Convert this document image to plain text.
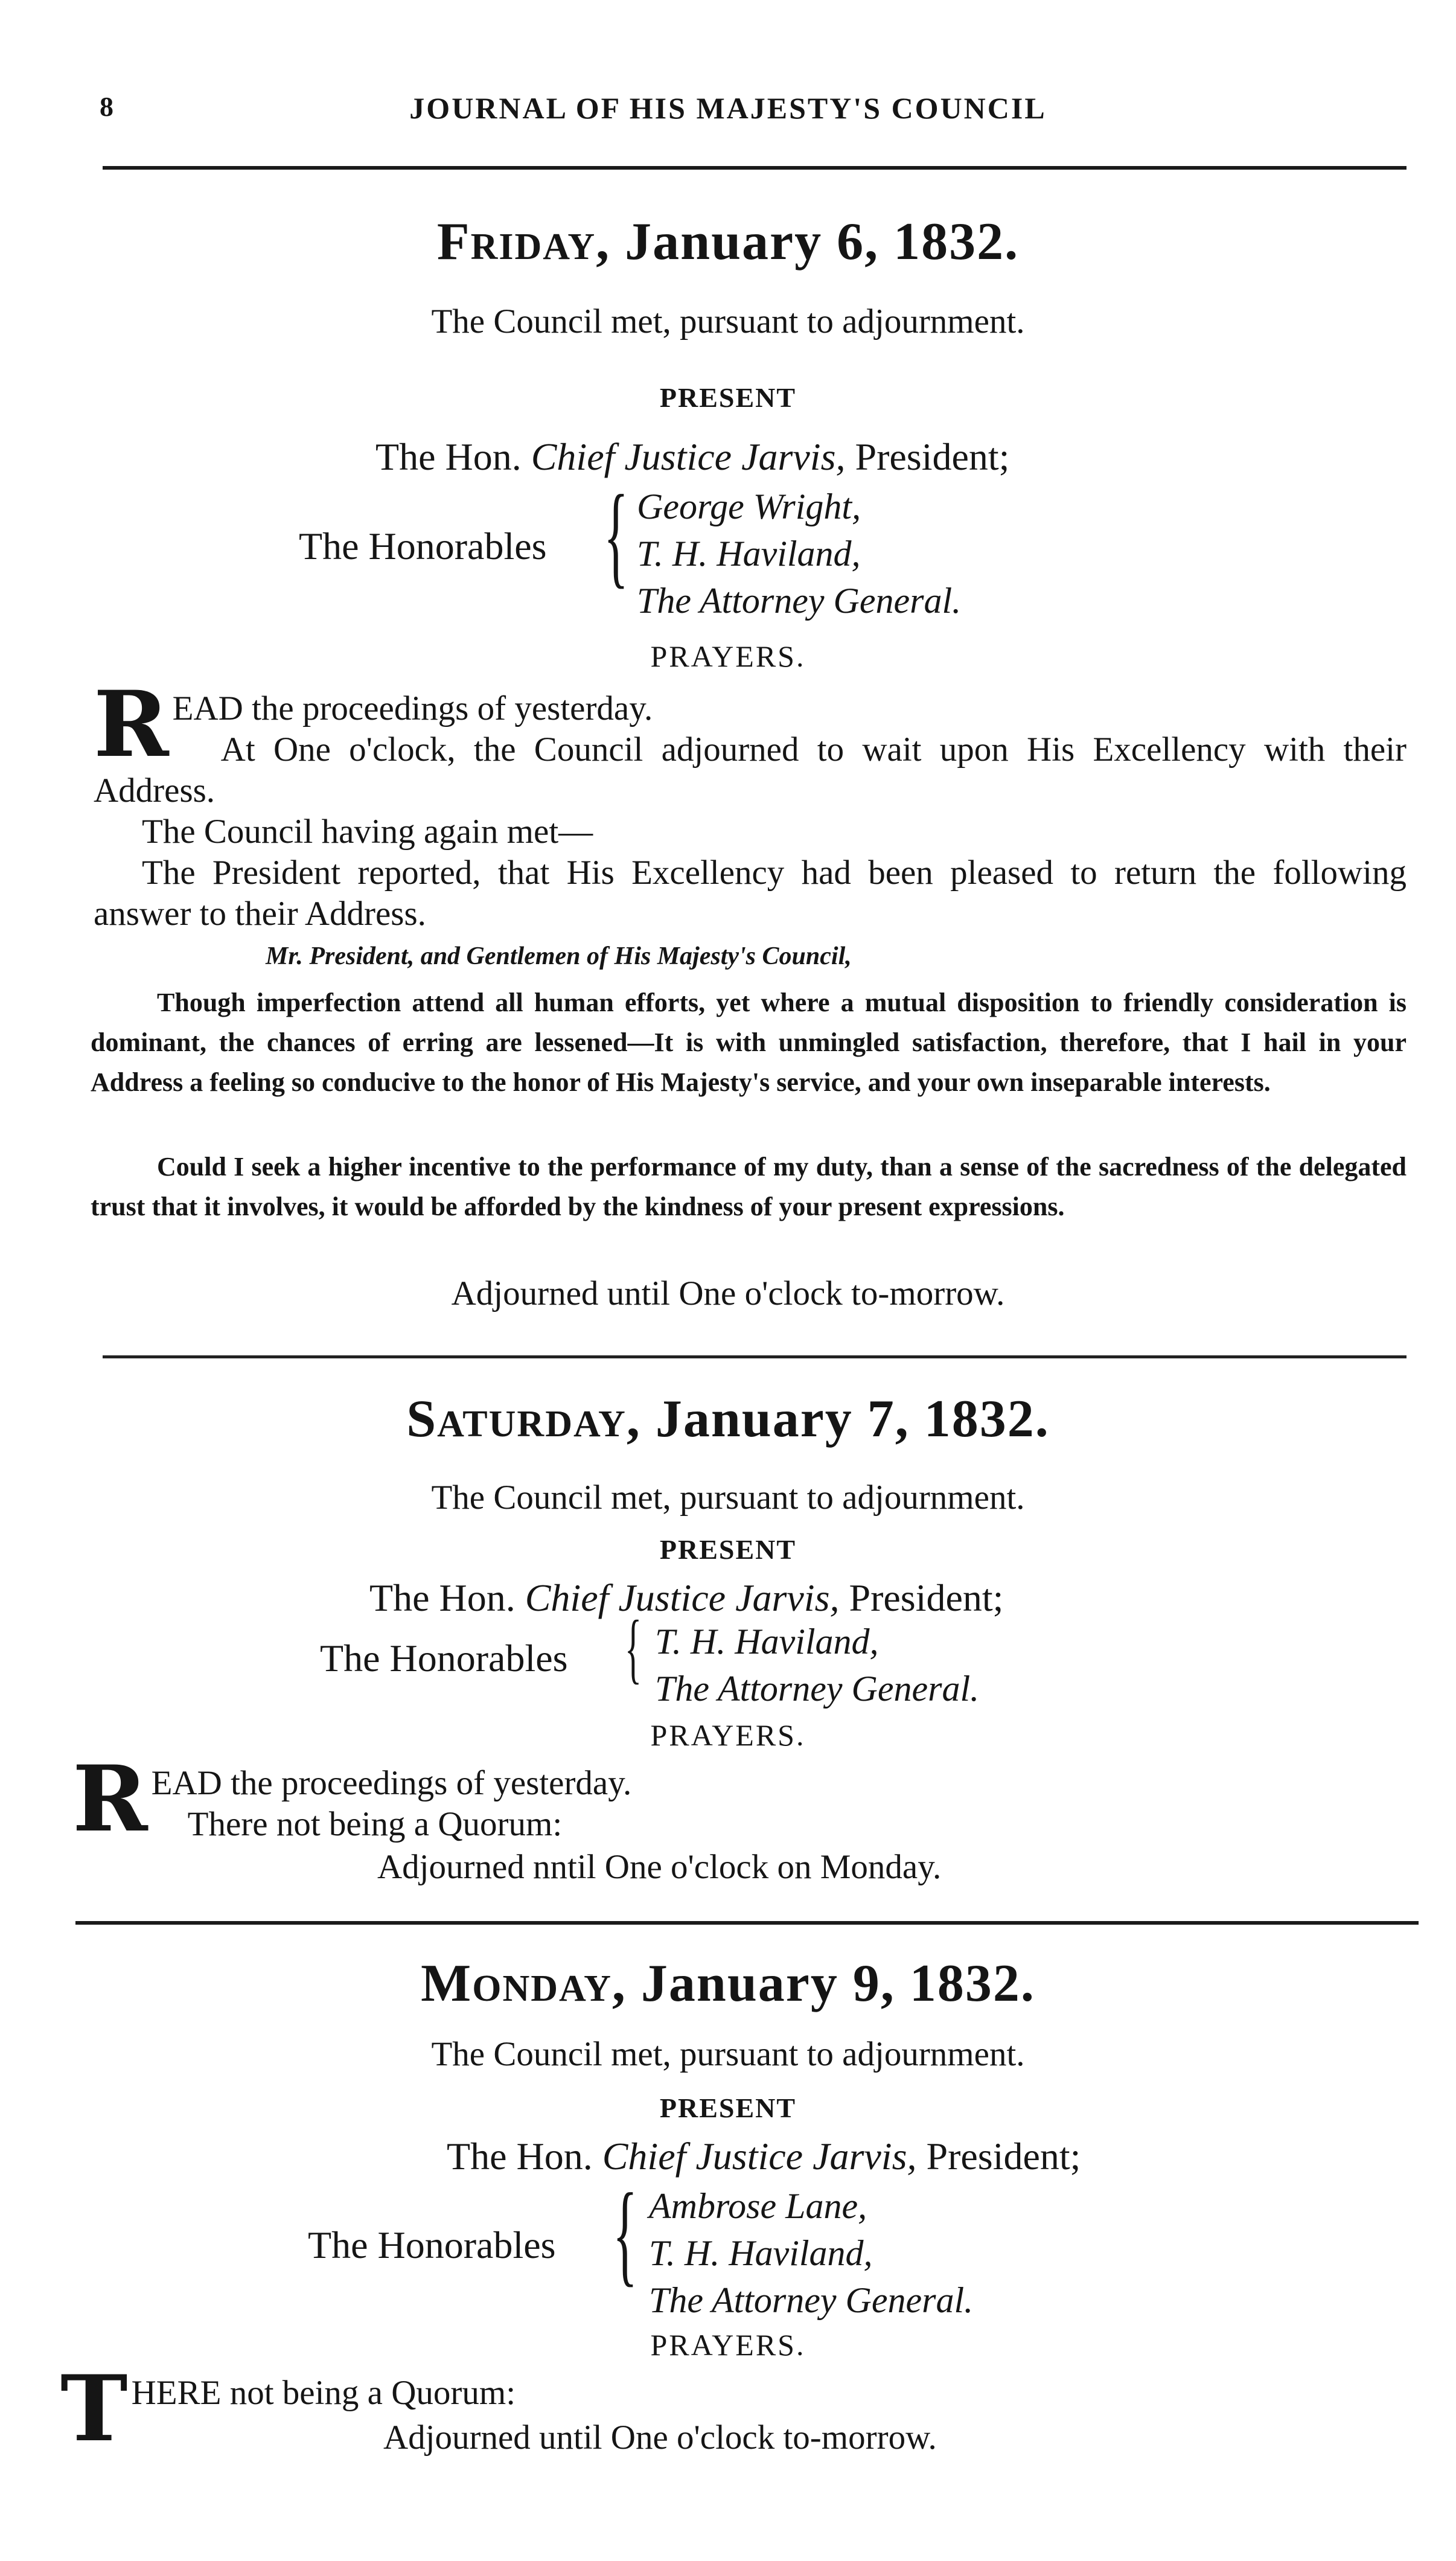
8	JOURNAL OF HIS MAJESTY'S COUNCIL
Friday, January 6, 1832.
The Council met, pursuant to adjournment.
PRESENT
The Hon. Chief Justice Jarvis, President;
The Honorables { George Wright,
T. H. Haviland,
The Attorney General.
PRAYERS.
R EAD the proceedings of yesterday.
At One o'clock, the Council adjourned to wait upon His Excellency with their Address.
The Council having again met—
The President reported, that His Excellency had been pleased to return the following answer to their Address.
Mr. President, and Gentlemen of His Majesty's Council,
Though imperfection attend all human efforts, yet where a mutual disposition to friendly consideration is dominant, the chances of erring are lessened—It is with unmingled satisfaction, therefore, that I hail in your Address a feeling so conducive to the honor of His Majesty's service, and your own inseparable interests.
Could I seek a higher incentive to the performance of my duty, than a sense of the sacredness of the delegated trust that it involves, it would be afforded by the kindness of your present expressions.
Adjourned until One o'clock to-morrow.
Saturday, January 7, 1832.
The Council met, pursuant to adjournment.
PRESENT
The Hon. Chief Justice Jarvis, President;
The Honorables { T. H. Haviland,
The Attorney General.
PRAYERS.
R EAD the proceedings of yesterday.
There not being a Quorum:
Adjourned nntil One o'clock on Monday.
Monday, January 9, 1832.
The Council met, pursuant to adjournment.
PRESENT
The Hon. Chief Justice Jarvis, President;
The Honorables { Ambrose Lane,
T. H. Haviland,
The Attorney General.
PRAYERS.
T HERE not being a Quorum:
Adjourned until One o'clock to-morrow.
